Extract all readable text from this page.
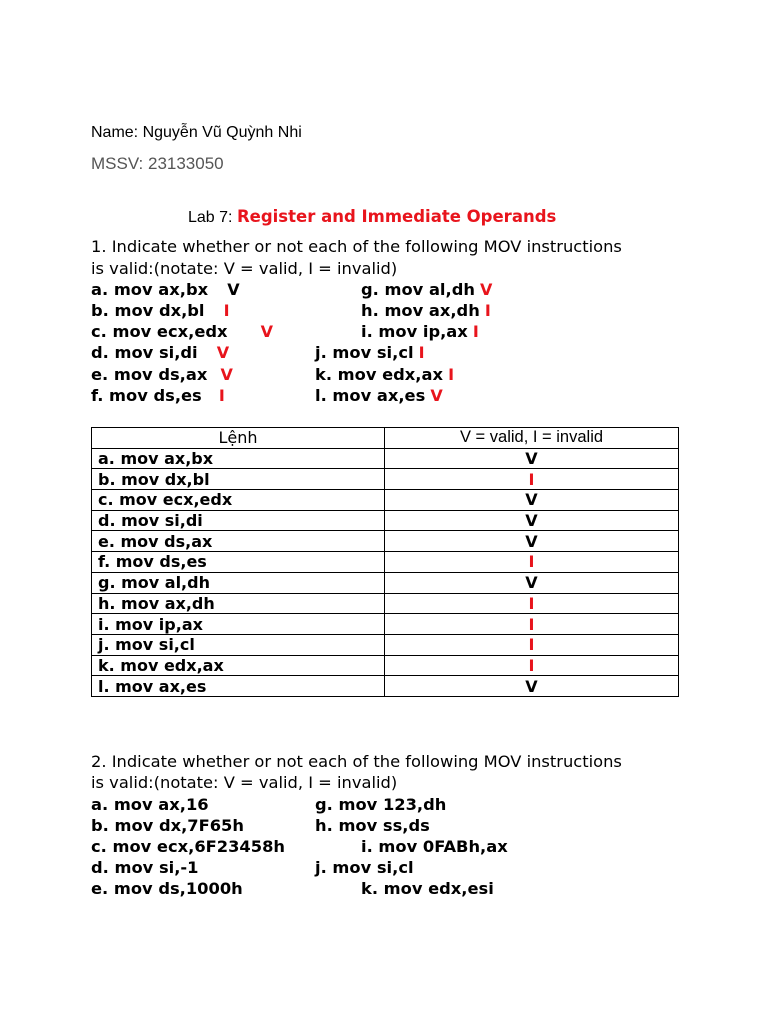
Name: Nguyễn Vũ Quỳnh Nhi
MSSV: 23133050
Lab 7: Register and Immediate Operands
1. Indicate whether or not each of the following MOV instructions
is valid:(notate: V = valid, I = invalid)
a. mov ax,bx V
b. mov dx,bl I
c. mov ecx,edx V
d. mov si,di V
e. mov ds,ax V
f. mov ds,es I
g. mov al,dh V
h. mov ax,dh I
i. mov ip,ax I
j. mov si,cl I
k. mov edx,ax I
l. mov ax,es V
Lệnh	V = valid, I = invalid
a. mov ax,bx	V
b. mov dx,bl	I
c. mov ecx,edx	V
d. mov si,di	V
e. mov ds,ax	V
f. mov ds,es	I
g. mov al,dh	V
h. mov ax,dh	I
i. mov ip,ax	I
j. mov si,cl	I
k. mov edx,ax	I
l. mov ax,es	V
2. Indicate whether or not each of the following MOV instructions
is valid:(notate: V = valid, I = invalid)
a. mov ax,16
b. mov dx,7F65h
c. mov ecx,6F23458h
d. mov si,-1
e. mov ds,1000h
g. mov 123,dh
h. mov ss,ds
i. mov 0FABh,ax
j. mov si,cl
k. mov edx,esi
